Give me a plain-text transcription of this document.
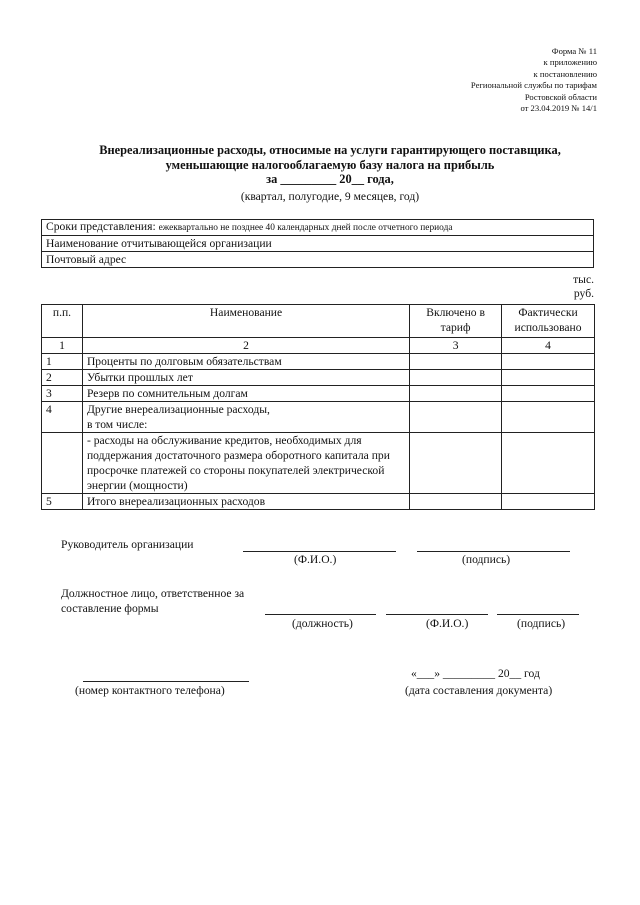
Форма № 11
к приложению
к постановлению
Региональной службы по тарифам
Ростовской области
от 23.04.2019 № 14/1
Внереализационные расходы, относимые на услуги гарантирующего поставщика,
уменьшающие налогооблагаемую базу налога на прибыль
за _________ 20__ года,
(квартал, полугодие, 9 месяцев, год)
Сроки представления: ежеквартально не позднее 40 календарных дней после отчетного периода
Наименование отчитывающейся организации
Почтовый адрес
тыс.
руб.
п.п.	Наименование	Включено в тариф	Фактически использовано
1	2	3	4
1	Проценты по долговым обязательствам		
2	Убытки прошлых лет		
3	Резерв по сомнительным долгам		
4	Другие внереализационные расходы,
в том числе:		
	- расходы на обслуживание кредитов, необходимых для поддержания достаточного размера оборотного капитала при просрочке платежей со стороны покупателей электрической энергии (мощности)		
5	Итого внереализационных расходов		
Руководитель организации
(Ф.И.О.)	(подпись)
Должностное лицо, ответственное за
составление формы
(должность)	(Ф.И.О.)	(подпись)
(номер контактного телефона)
«___» _________ 20__ год
(дата составления документа)
